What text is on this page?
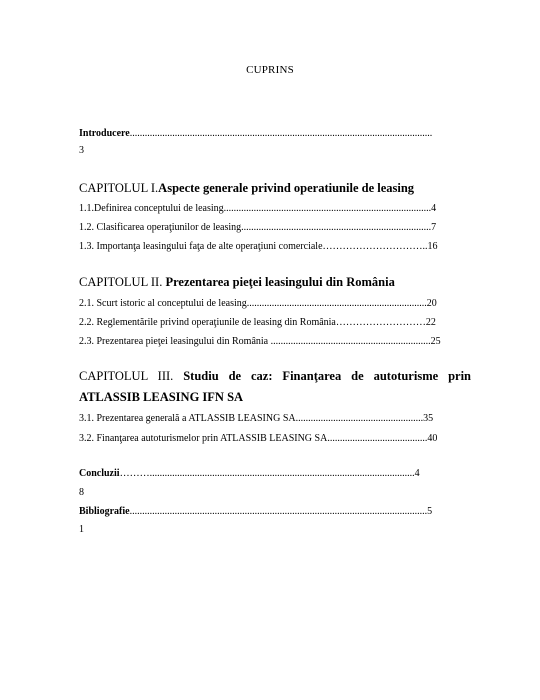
CUPRINS
Introducere.........................................................................................................................
3
CAPITOLUL I.Aspecte generale privind operatiunile de leasing
1.1.Definirea conceptului de leasing...................................................................................4
1.2. Clasificarea operaţiunilor de leasing............................................................................7
1.3. Importanţa leasingului faţa de alte operaţiuni comerciale…………………………..16
CAPITOLUL II. Prezentarea pieţei leasingului din România
2.1. Scurt istoric al conceptului de leasing........................................................................20
2.2. Reglementările privind operaţiunile de leasing din România………………………22
2.3. Prezentarea pieţei leasingului din România ................................................................25
CAPITOLUL III. Studiu de caz: Finanţarea de autoturisme prin
ATLASSIB LEASING IFN SA
3.1. Prezentarea generală a ATLASSIB LEASING SA...................................................35
3.2. Finanţarea autoturismelor prin ATLASSIB LEASING SA........................................40
Concluzii………..........................................................................................................4
8
Bibliografie.......................................................................................................................5
1
